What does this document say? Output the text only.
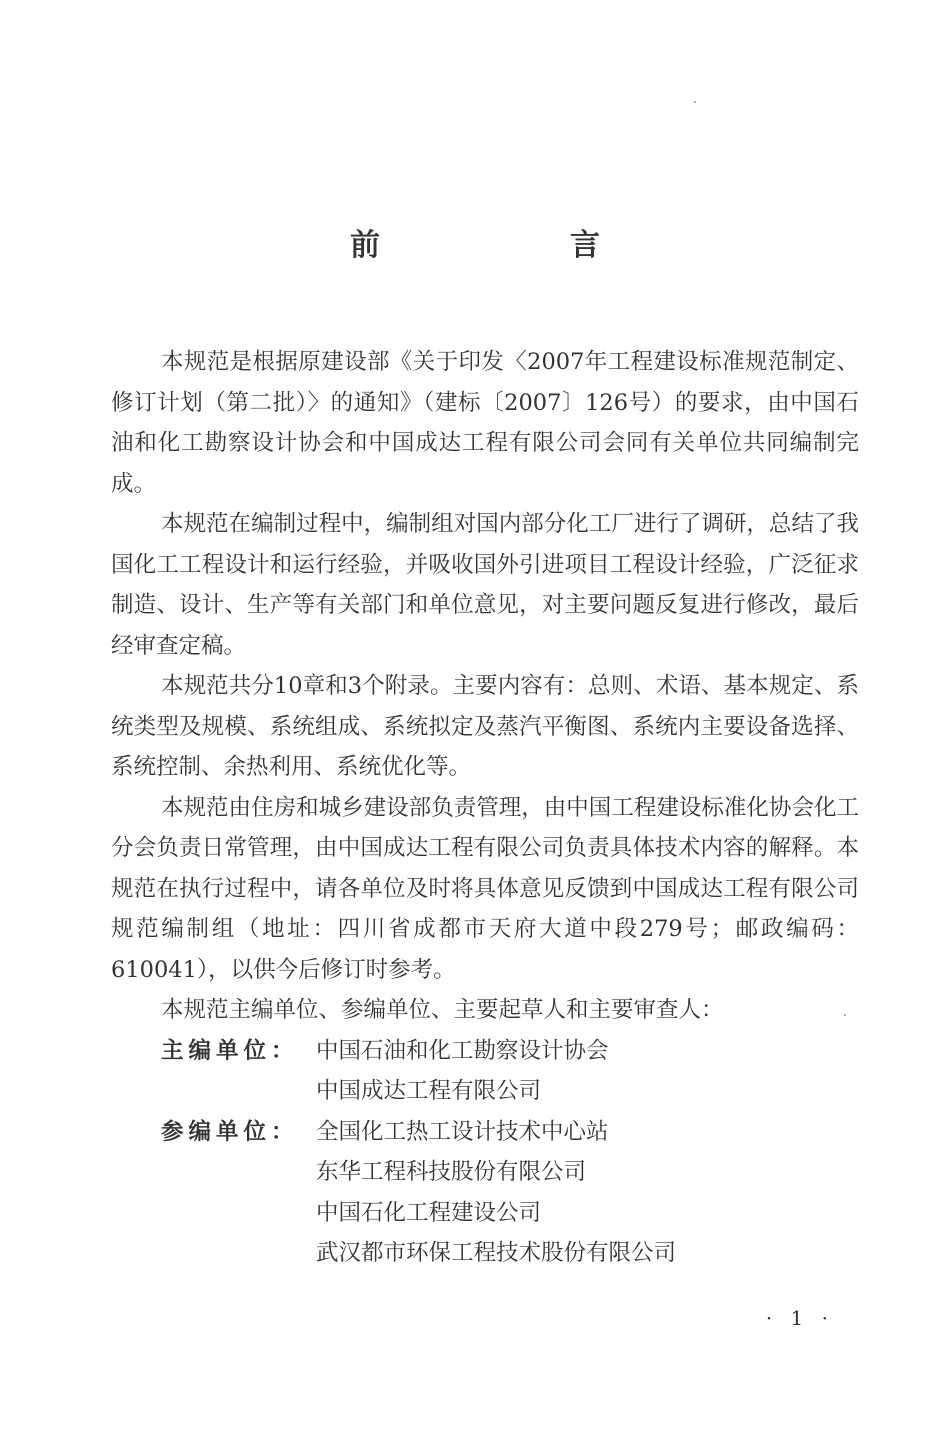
前　言

本规范是根据原建设部《关于印发〈2007年工程建设标准规范制定、修订计划（第二批）〉的通知》（建标〔2007〕126号）的要求，由中国石油和化工勘察设计协会和中国成达工程有限公司会同有关单位共同编制完成。

本规范在编制过程中，编制组对国内部分化工厂进行了调研，总结了我国化工工程设计和运行经验，并吸收国外引进项目工程设计经验，广泛征求制造、设计、生产等有关部门和单位意见，对主要问题反复进行修改，最后经审查定稿。

本规范共分10章和3个附录。主要内容有：总则、术语、基本规定、系统类型及规模、系统组成、系统拟定及蒸汽平衡图、系统内主要设备选择、系统控制、余热利用、系统优化等。

本规范由住房和城乡建设部负责管理，由中国工程建设标准化协会化工分会负责日常管理，由中国成达工程有限公司负责具体技术内容的解释。本规范在执行过程中，请各单位及时将具体意见反馈到中国成达工程有限公司规范编制组（地址：四川省成都市天府大道中段279号；邮政编码：610041），以供今后修订时参考。

本规范主编单位、参编单位、主要起草人和主要审查人：

主编单位： 中国石油和化工勘察设计协会
中国成达工程有限公司
参编单位： 全国化工热工设计技术中心站
东华工程科技股份有限公司
中国石化工程建设公司
武汉都市环保工程技术股份有限公司
· 1 ·
